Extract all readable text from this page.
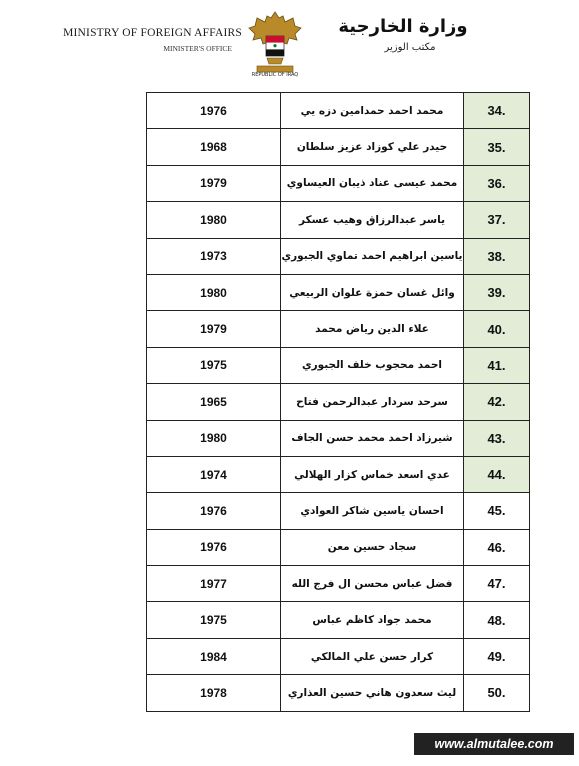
MINISTRY OF FOREIGN AFFAIRS
MINISTER'S OFFICE
REPUBLIC OF IRAQ
وزارة الخارجية
مكتب الوزير
1976	محمد احمد حمدامين دزه يي	34.
1968	حيدر علي كوزاد عزيز سلطان	35.
1979	محمد عيسى عناد ذيبان العيساوي	36.
1980	ياسر عبدالرزاق وهيب عسكر	37.
1973	ياسين ابراهيم احمد تماوي الجبوري	38.
1980	وائل غسان حمزة علوان الربيعي	39.
1979	علاء الدين رياض محمد	40.
1975	احمد محجوب خلف الجبوري	41.
1965	سرحد سردار عبدالرحمن فتاح	42.
1980	شيرزاد احمد محمد حسن الجاف	43.
1974	عدي اسعد خماس كزار الهلالي	44.
1976	احسان ياسين شاكر العوادي	45.
1976	سجاد حسين معن	46.
1977	فضل عباس محسن ال فرج الله	47.
1975	محمد جواد كاظم عباس	48.
1984	كرار حسن علي المالكي	49.
1978	ليث سعدون هاني حسين العذاري	50.
www.almutalee.com
